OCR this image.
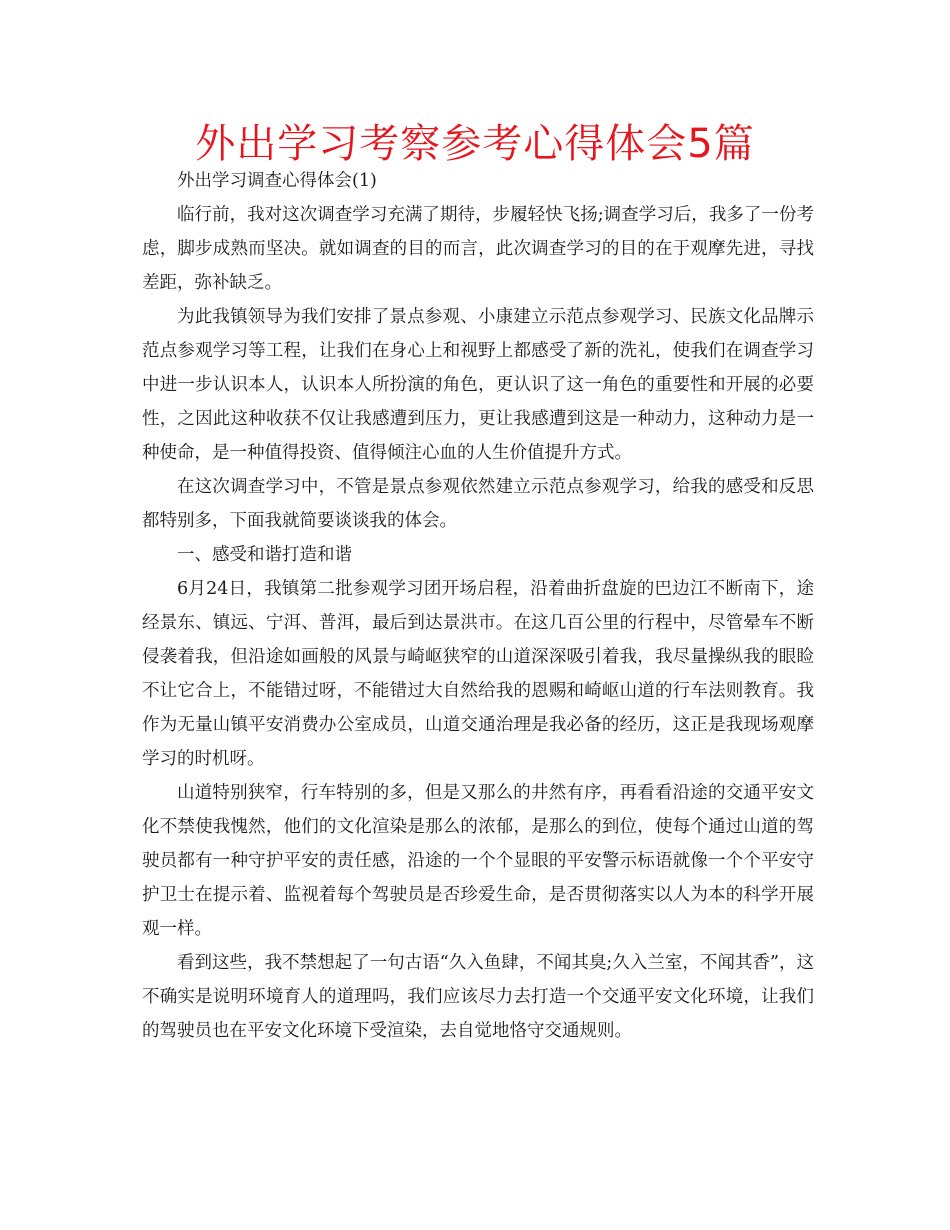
外出学习考察参考心得体会5篇

外出学习调查心得体会(1)

临行前，我对这次调查学习充满了期待，步履轻快飞扬;调查学习后，我多了一份考虑，脚步成熟而坚决。就如调查的目的而言，此次调查学习的目的在于观摩先进，寻找差距，弥补缺乏。

为此我镇领导为我们安排了景点参观、小康建立示范点参观学习、民族文化品牌示范点参观学习等工程，让我们在身心上和视野上都感受了新的洗礼，使我们在调查学习中进一步认识本人，认识本人所扮演的角色，更认识了这一角色的重要性和开展的必要性，之因此这种收获不仅让我感遭到压力，更让我感遭到这是一种动力，这种动力是一种使命，是一种值得投资、值得倾注心血的人生价值提升方式。

在这次调查学习中，不管是景点参观依然建立示范点参观学习，给我的感受和反思都特别多，下面我就简要谈谈我的体会。

一、感受和谐打造和谐

6月24日，我镇第二批参观学习团开场启程，沿着曲折盘旋的巴边江不断南下，途经景东、镇远、宁洱、普洱，最后到达景洪市。在这几百公里的行程中，尽管晕车不断侵袭着我，但沿途如画般的风景与崎岖狭窄的山道深深吸引着我，我尽量操纵我的眼睑不让它合上，不能错过呀，不能错过大自然给我的恩赐和崎岖山道的行车法则教育。我作为无量山镇平安消费办公室成员，山道交通治理是我必备的经历，这正是我现场观摩学习的时机呀。

山道特别狭窄，行车特别的多，但是又那么的井然有序，再看看沿途的交通平安文化不禁使我愧然，他们的文化渲染是那么的浓郁，是那么的到位，使每个通过山道的驾驶员都有一种守护平安的责任感，沿途的一个个显眼的平安警示标语就像一个个平安守护卫士在提示着、监视着每个驾驶员是否珍爱生命，是否贯彻落实以人为本的科学开展观一样。

看到这些，我不禁想起了一句古语“久入鱼肆，不闻其臭;久入兰室，不闻其香”，这不确实是说明环境育人的道理吗，我们应该尽力去打造一个交通平安文化环境，让我们的驾驶员也在平安文化环境下受渲染，去自觉地恪守交通规则。
